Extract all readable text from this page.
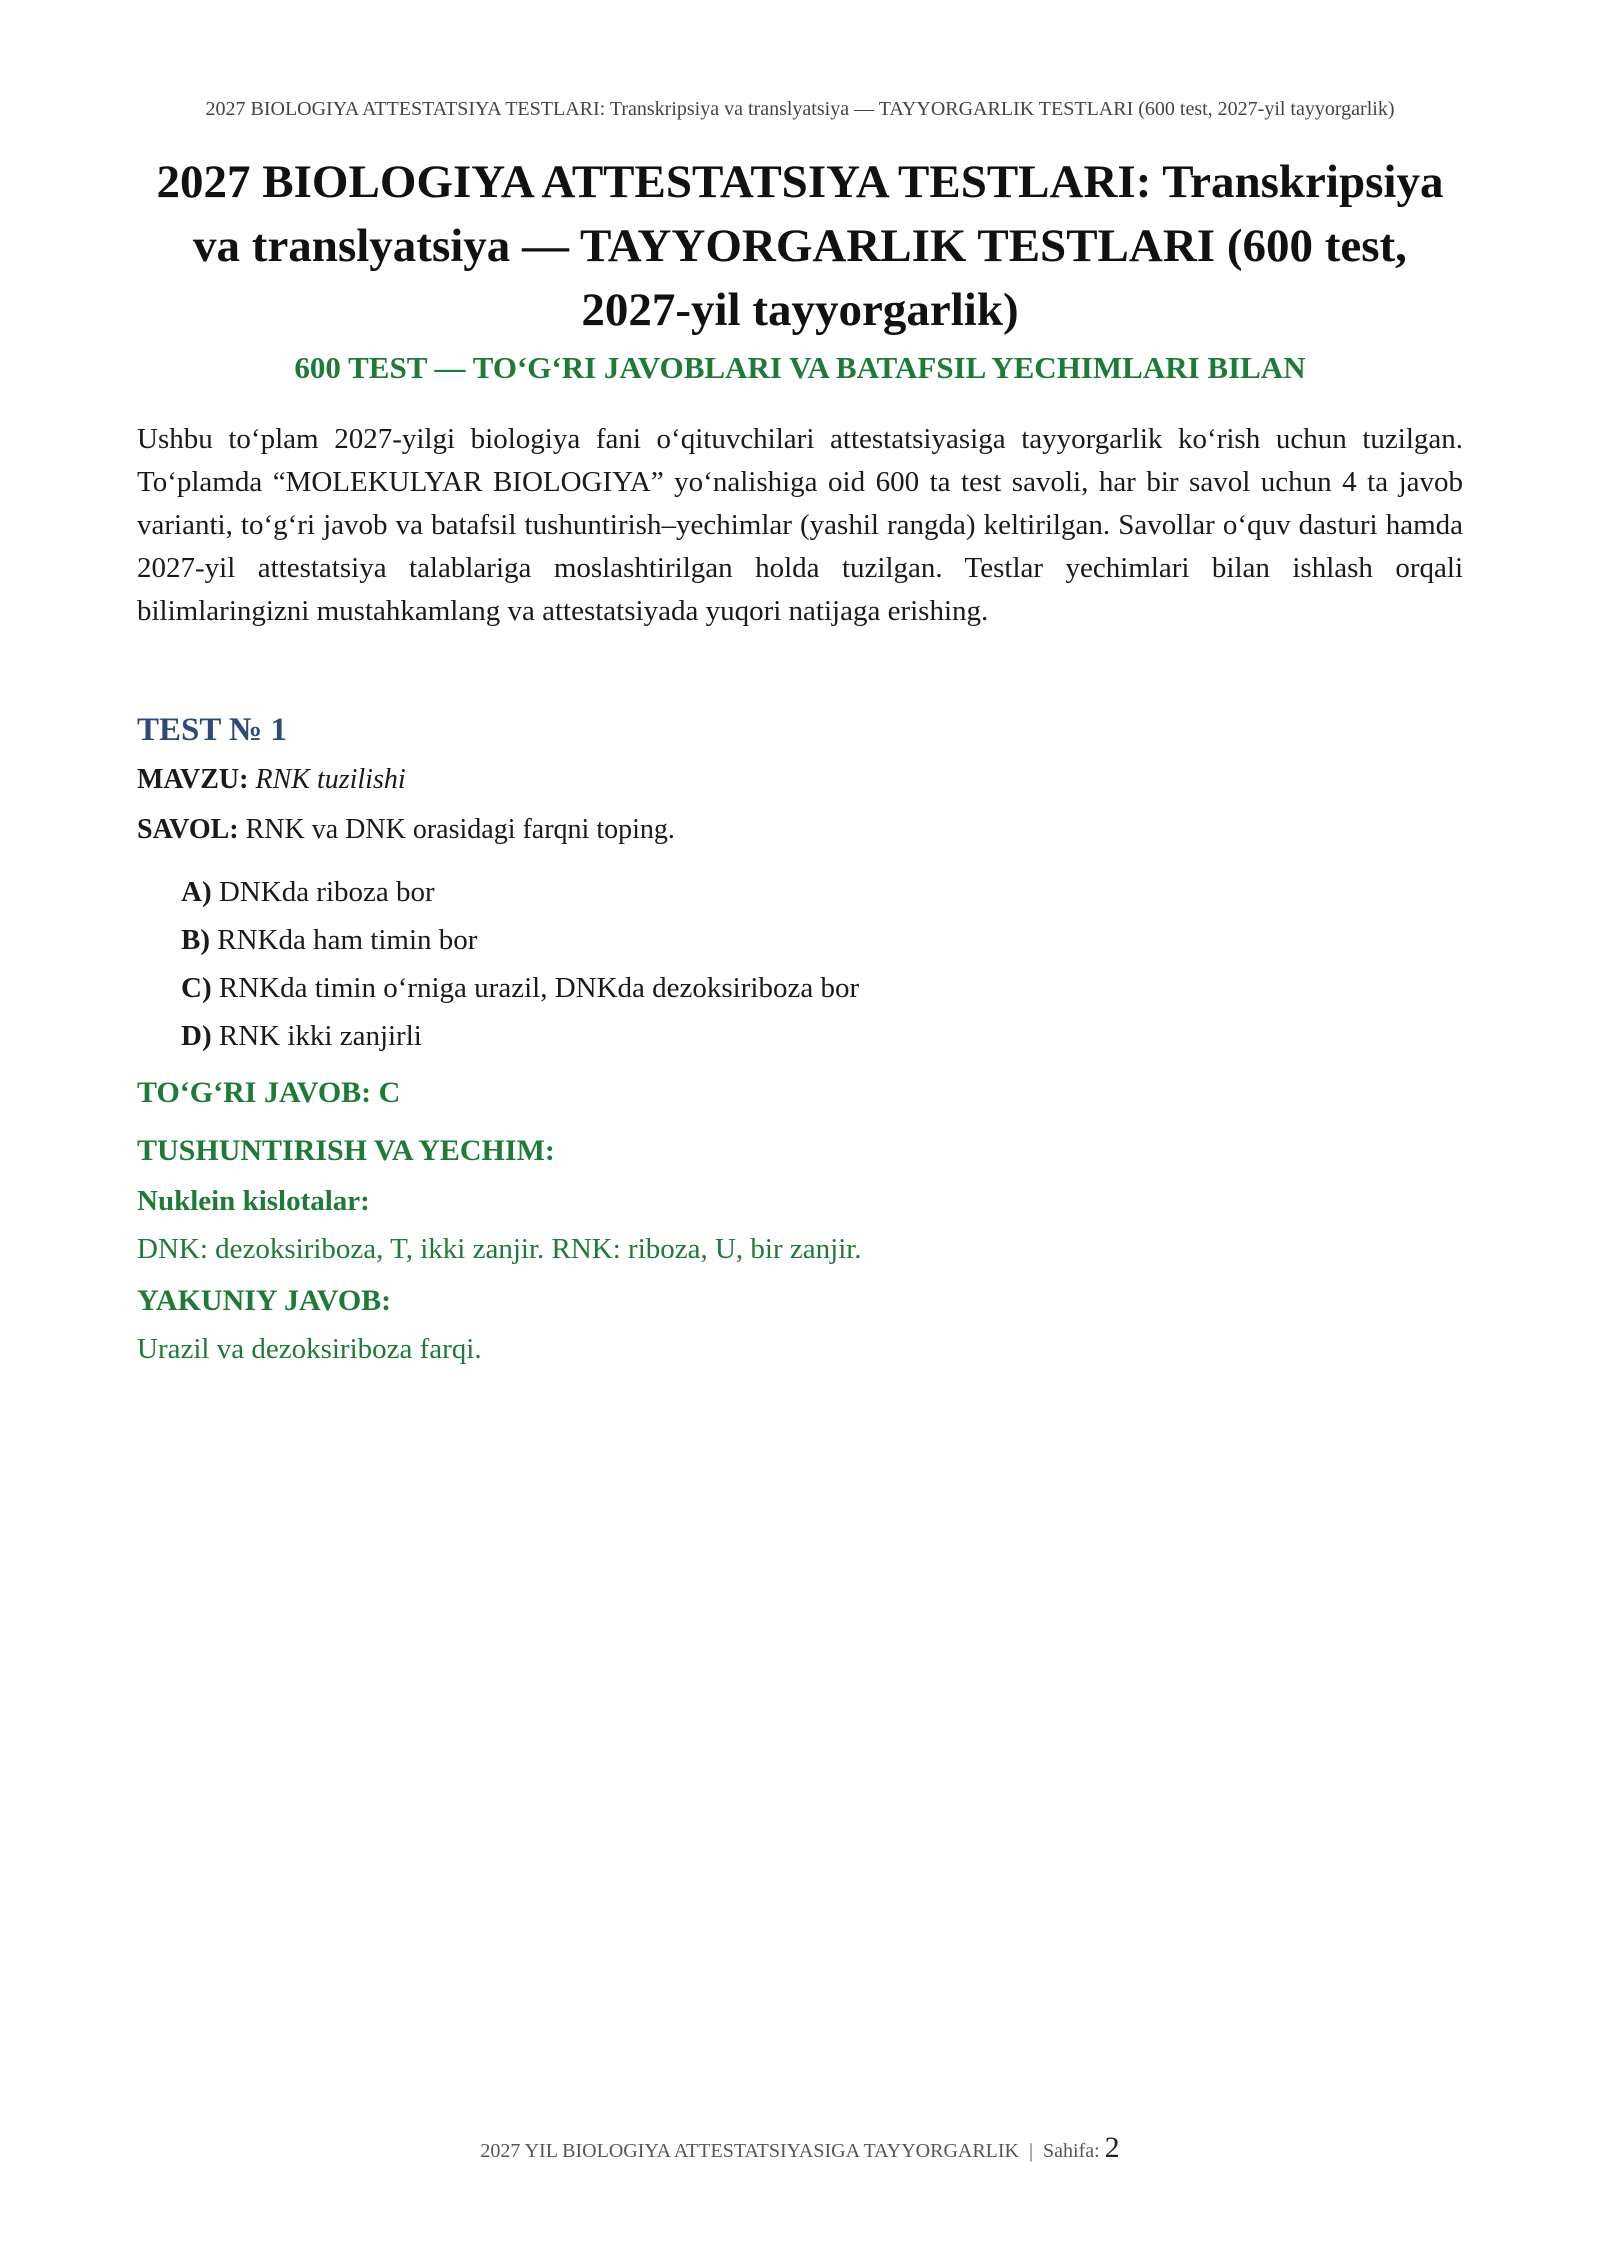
2027 BIOLOGIYA ATTESTATSIYA TESTLARI: Transkripsiya va translyatsiya — TAYYORGARLIK TESTLARI (600 test, 2027-yil tayyorgarlik)
2027 BIOLOGIYA ATTESTATSIYA TESTLARI: Transkripsiya va translyatsiya — TAYYORGARLIK TESTLARI (600 test, 2027-yil tayyorgarlik)
600 TEST — TO‘G‘RI JAVOBLARI VA BATAFSIL YECHIMLARI BILAN

Ushbu to‘plam 2027-yilgi biologiya fani o‘qituvchilari attestatsiyasiga tayyorgarlik ko‘rish uchun tuzilgan. To‘plamda “MOLEKULYAR BIOLOGIYA” yo‘nalishiga oid 600 ta test savoli, har bir savol uchun 4 ta javob varianti, to‘g‘ri javob va batafsil tushuntirish–yechimlar (yashil rangda) keltirilgan. Savollar o‘quv dasturi hamda 2027-yil attestatsiya talablariga moslashtirilgan holda tuzilgan. Testlar yechimlari bilan ishlash orqali bilimlaringizni mustahkamlang va attestatsiyada yuqori natijaga erishing.

TEST № 1

MAVZU: RNK tuzilishi

SAVOL: RNK va DNK orasidagi farqni toping.

A) DNKda riboza bor
B) RNKda ham timin bor
C) RNKda timin o‘rniga urazil, DNKda dezoksiriboza bor
D) RNK ikki zanjirli
TO‘G‘RI JAVOB: C
TUSHUNTIRISH VA YECHIM:
Nuklein kislotalar:

DNK: dezoksiriboza, T, ikki zanjir. RNK: riboza, U, bir zanjir.

YAKUNIY JAVOB:

Urazil va dezoksiriboza farqi.

2027 YIL BIOLOGIYA ATTESTATSIYASIGA TAYYORGARLIK | Sahifa: 2
